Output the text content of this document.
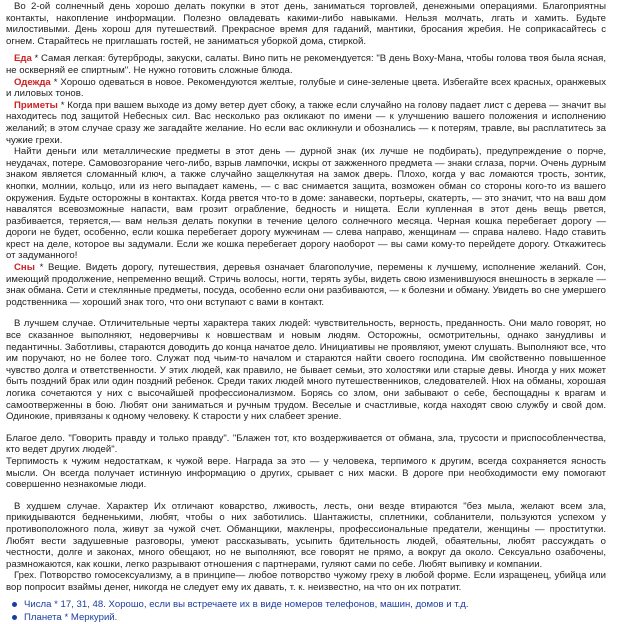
Во 2-ой солнечный день хорошо делать покупки в этот день, заниматься торговлей, денежными операциями. Благоприятны контакты, накопление информации. Полезно овладевать какими-либо навыками. Нельзя молчать, лгать и хамить. Будьте милостивыми. День хорош для путешествий. Прекрасное время для гаданий, мантики, бросания жребия. Не соприкасайтесь с огнем. Старайтесь не приглашать гостей, не заниматься уборкой дома, стиркой.

Еда * Самая легкая: бутерброды, закуски, салаты. Вино пить не рекомендуется: "В день Воху-Мана, чтобы голова твоя была ясная, не оскверняй ее спиртным". Не нужно готовить сложные блюда.

Одежда * Хорошо одеваться в новое. Рекомендуются желтые, голубые и сине-зеленые цвета. Избегайте всех красных, оранжевых и лиловых тонов.

Приметы * Когда при вашем выходе из дому ветер дует сбоку, а также если случайно на голову падает лист с дерева — значит вы находитесь под защитой Небесных сил. Вас несколько раз окликают по имени — к улучшению вашего положения и исполнению желаний; в этом случае сразу же загадайте желание. Но если вас окликнули и обознались — к потерям, травле, вы расплатитесь за чужие грехи.

Найти деньги или металлические предметы в этот день — дурной знак (их лучше не подбирать), предупреждение о порче, неудачах, потере. Самовозгорание чего-либо, взрыв лампочки, искры от зажженного предмета — знаки сглаза, порчи. Очень дурным знаком является сломанный ключ, а также случайно защелкнутая на замок дверь. Плохо, когда у вас ломаются трость, зонтик, кнопки, молнии, кольцо, или из него выпадает камень, — с вас снимается защита, возможен обман со стороны кого-то из вашего окружения. Будьте осторожны в контактах. Когда рвется что-то в доме: занавески, портьеры, скатерть, — это значит, что на ваш дом навалятся всевозможные напасти, вам грозит ограбление, бедность и нищета. Если купленная в этот день вещь рвется, разбивается, теряется,— вам нельзя делать покупки в течение целого солнечного месяца. Черная кошка перебегает дорогу — дороги не будет, особенно, если кошка перебегает дорогу мужчинам — слева направо, женщинам — справа налево. Надо ставить крест на деле, которое вы задумали. Если же кошка перебегает дорогу наоборот — вы сами кому-то перейдете дорогу. Откажитесь от задуманного!

Сны * Вещие. Видеть дорогу, путешествия, деревья означает благополучие, перемены к лучшему, исполнение желаний. Сон, имеющий продолжение, непременно вещий. Стричь волосы, ногти, терять зубы, видеть свою изменившуюся внешность в зеркале — знак обмана. Сети и стеклянные предметы, посуда, особенно если они разбиваются, — к болезни и обману. Увидеть во сне умершего родственника — хороший знак того, что они вступают с вами в контакт.

В лучшем случае. Отличительные черты характера таких людей: чувствительность, верность, преданность. Они мало говорят, но все сказанное выполняют, недоверчивы к новшествам и новым людям. Осторожны, осмотрительны, однако занудливы и педантичны. Заботливы, стараются доводить до конца начатое дело. Инициативы не проявляют, умеют слушать. Выполняют все, что им поручают, но не более того. Служат под чьим-то началом и стараются найти своего господина. Им свойственно повышенное чувство долга и ответственности. У этих людей, как правило, не бывает семьи, это холостяки или старые девы. Иногда у них может быть поздний брак или один поздний ребенок. Среди таких людей много путешественников, следователей. Нюх на обманы, хорошая логика сочетаются у них с высочайшей профессионализмом. Борясь со злом, они забывают о себе, беспощадны к врагам и самоотверженны в бою. Любят они заниматься и ручным трудом. Веселые и счастливые, когда находят свою службу и свой дом. Одинокие, привязаны к одному человеку. К старости у них слабеет зрение.

Благое дело. "Говорить правду и только правду". "Блажен тот, кто воздерживается от обмана, зла, трусости и приспособленчества, кто ведет других людей".

Терпимость к чужим недостаткам, к чужой вере. Награда за это — у человека, терпимого к другим, всегда сохраняется ясность мысли. Он всегда получает истинную информацию о других, срывает с них маски. В дороге при необходимости ему помогают совершенно незнакомые люди.

В худшем случае. Характер Их отличают коварство, лживость, лесть, они везде втираются "без мыла, желают всем зла, прикидываются бедненькими, любят, чтобы о них заботились. Шантажисты, сплетники, собланители, пользуются успехом у противоположного пола, живут за чужой счет. Обманщики, макленры, профессиональные предатели, женщины — проститутки. Любят вести задушевные разговоры, умеют рассказывать, усыпить бдительность людей, обаятельны, любят рассуждать о честности, долге и законах, много обещают, но не выполняют, все говорят не прямо, а вокруг да около. Сексуально озабочены, размножаются, как кошки, легко разрывают отношения с партнерами, гуляют сами по себе. Любят выпивку и компании.

Грех. Потворство гомосексуализму, а в принципе— любое потворство чужому греху в любой форме. Если изращенец, убийца или вор попросит взаймы денег, никогда не следует ему их давать, т. к. неизвестно, на что он их потратит.

Числа * 17, 31, 48. Хорошо, если вы встречаете их в виде номеров телефонов, машин, домов и т.д.
Планета * Меркурий.
